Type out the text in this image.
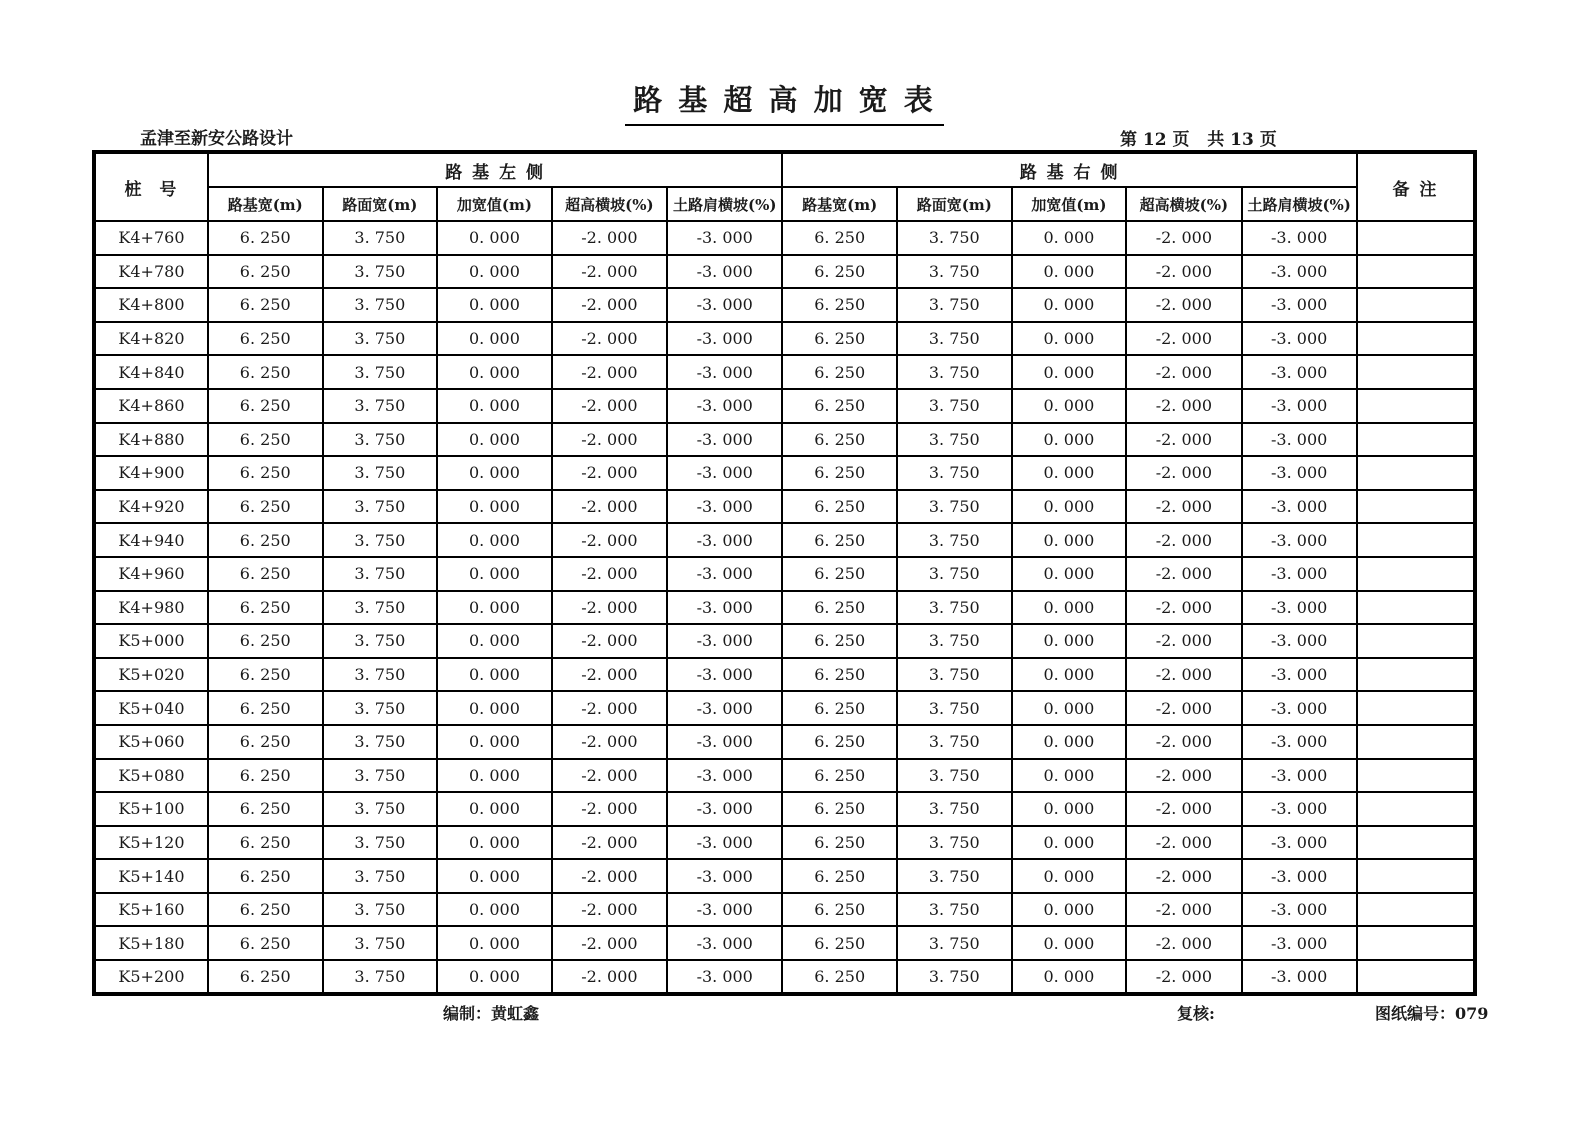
路 基 超 高 加 宽 表
孟津至新安公路设计	第 12 页   共 13 页
桩  号	路 基 左 侧					路 基 右 侧					备 注
	路基宽(m)	路面宽(m)	加宽值(m)	超高横坡(%)	土路肩横坡(%)	路基宽(m)	路面宽(m)	加宽值(m)	超高横坡(%)	土路肩横坡(%)	
K4+760	6. 250	3. 750	0. 000	-2. 000	-3. 000	6. 250	3. 750	0. 000	-2. 000	-3. 000	
K4+780	6. 250	3. 750	0. 000	-2. 000	-3. 000	6. 250	3. 750	0. 000	-2. 000	-3. 000	
K4+800	6. 250	3. 750	0. 000	-2. 000	-3. 000	6. 250	3. 750	0. 000	-2. 000	-3. 000	
K4+820	6. 250	3. 750	0. 000	-2. 000	-3. 000	6. 250	3. 750	0. 000	-2. 000	-3. 000	
K4+840	6. 250	3. 750	0. 000	-2. 000	-3. 000	6. 250	3. 750	0. 000	-2. 000	-3. 000	
K4+860	6. 250	3. 750	0. 000	-2. 000	-3. 000	6. 250	3. 750	0. 000	-2. 000	-3. 000	
K4+880	6. 250	3. 750	0. 000	-2. 000	-3. 000	6. 250	3. 750	0. 000	-2. 000	-3. 000	
K4+900	6. 250	3. 750	0. 000	-2. 000	-3. 000	6. 250	3. 750	0. 000	-2. 000	-3. 000	
K4+920	6. 250	3. 750	0. 000	-2. 000	-3. 000	6. 250	3. 750	0. 000	-2. 000	-3. 000	
K4+940	6. 250	3. 750	0. 000	-2. 000	-3. 000	6. 250	3. 750	0. 000	-2. 000	-3. 000	
K4+960	6. 250	3. 750	0. 000	-2. 000	-3. 000	6. 250	3. 750	0. 000	-2. 000	-3. 000	
K4+980	6. 250	3. 750	0. 000	-2. 000	-3. 000	6. 250	3. 750	0. 000	-2. 000	-3. 000	
K5+000	6. 250	3. 750	0. 000	-2. 000	-3. 000	6. 250	3. 750	0. 000	-2. 000	-3. 000	
K5+020	6. 250	3. 750	0. 000	-2. 000	-3. 000	6. 250	3. 750	0. 000	-2. 000	-3. 000	
K5+040	6. 250	3. 750	0. 000	-2. 000	-3. 000	6. 250	3. 750	0. 000	-2. 000	-3. 000	
K5+060	6. 250	3. 750	0. 000	-2. 000	-3. 000	6. 250	3. 750	0. 000	-2. 000	-3. 000	
K5+080	6. 250	3. 750	0. 000	-2. 000	-3. 000	6. 250	3. 750	0. 000	-2. 000	-3. 000	
K5+100	6. 250	3. 750	0. 000	-2. 000	-3. 000	6. 250	3. 750	0. 000	-2. 000	-3. 000	
K5+120	6. 250	3. 750	0. 000	-2. 000	-3. 000	6. 250	3. 750	0. 000	-2. 000	-3. 000	
K5+140	6. 250	3. 750	0. 000	-2. 000	-3. 000	6. 250	3. 750	0. 000	-2. 000	-3. 000	
K5+160	6. 250	3. 750	0. 000	-2. 000	-3. 000	6. 250	3. 750	0. 000	-2. 000	-3. 000	
K5+180	6. 250	3. 750	0. 000	-2. 000	-3. 000	6. 250	3. 750	0. 000	-2. 000	-3. 000	
K5+200	6. 250	3. 750	0. 000	-2. 000	-3. 000	6. 250	3. 750	0. 000	-2. 000	-3. 000	
编制：黄虹鑫	复核:	图纸编号：079
